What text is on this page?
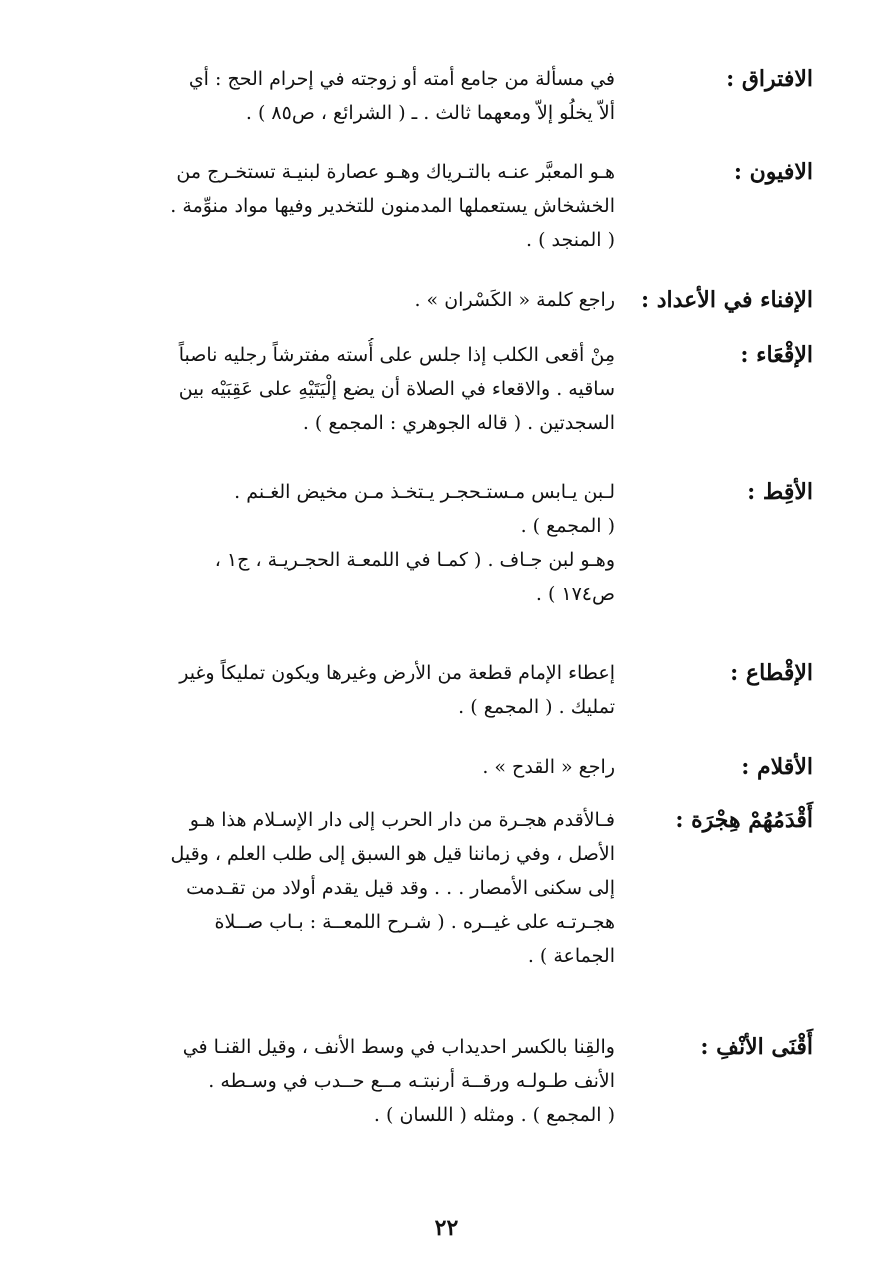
الافتراق :
في مسألة من جامع أمته أو زوجته في إحرام الحج : أي
ألاّ يخلُو إلاّ ومعهما ثالث . ـ ( الشرائع ، ص٨٥ ) .
الافيون :
هـو المعبَّر عنـه بالتـرياك وهـو عصارة لبنيـة تستخـرج من
الخشخاش يستعملها المدمنون للتخدير وفيها مواد منوِّمة .
( المنجد ) .
الإفناء في الأعداد :
راجع كلمة « الكَسْران » .
الإقْعَاء :
مِنْ أقعى الكلب إذا جلس على أُسته مفترشاً رجليه ناصباً
ساقيه . والاقعاء في الصلاة أن يضع إلْيَتَيْهِ على عَقِبَيْه بين
السجدتين . ( قاله الجوهري : المجمع ) .
الأقِط :
لـبن يـابس مـستـحجـر يـتخـذ مـن مخيض الغـنم .
( المجمع ) .
وهـو لبن جـاف . ( كمـا في اللمعـة الحجـريـة ، ج١ ،
ص١٧٤ ) .
الإقْطاع :
إعطاء الإمام قطعة من الأرض وغيرها ويكون تمليكاً وغير
تمليك . ( المجمع ) .
الأقلام :
راجع « القدح » .
أَقْدَمُهُمْ هِجْرَة :
فـالأقدم هجـرة من دار الحرب إلى دار الإسـلام هذا هـو
الأصل ، وفي زماننا قيل هو السبق إلى طلب العلم ، وقيل
إلى سكنى الأمصار . . . وقد قيل يقدم أولاد من تقـدمت
هجـرتـه على غيــره . ( شـرح اللمعــة : بـاب صــلاة
الجماعة ) .
أَقْنَى الأنْفِ :
والقِنا بالكسر احديداب في وسط الأنف ، وقيل القنـا في
الأنف طـولـه ورقــة أرنبتـه مــع حــدب في وسـطه .
( المجمع ) . ومثله ( اللسان ) .
٢٢
